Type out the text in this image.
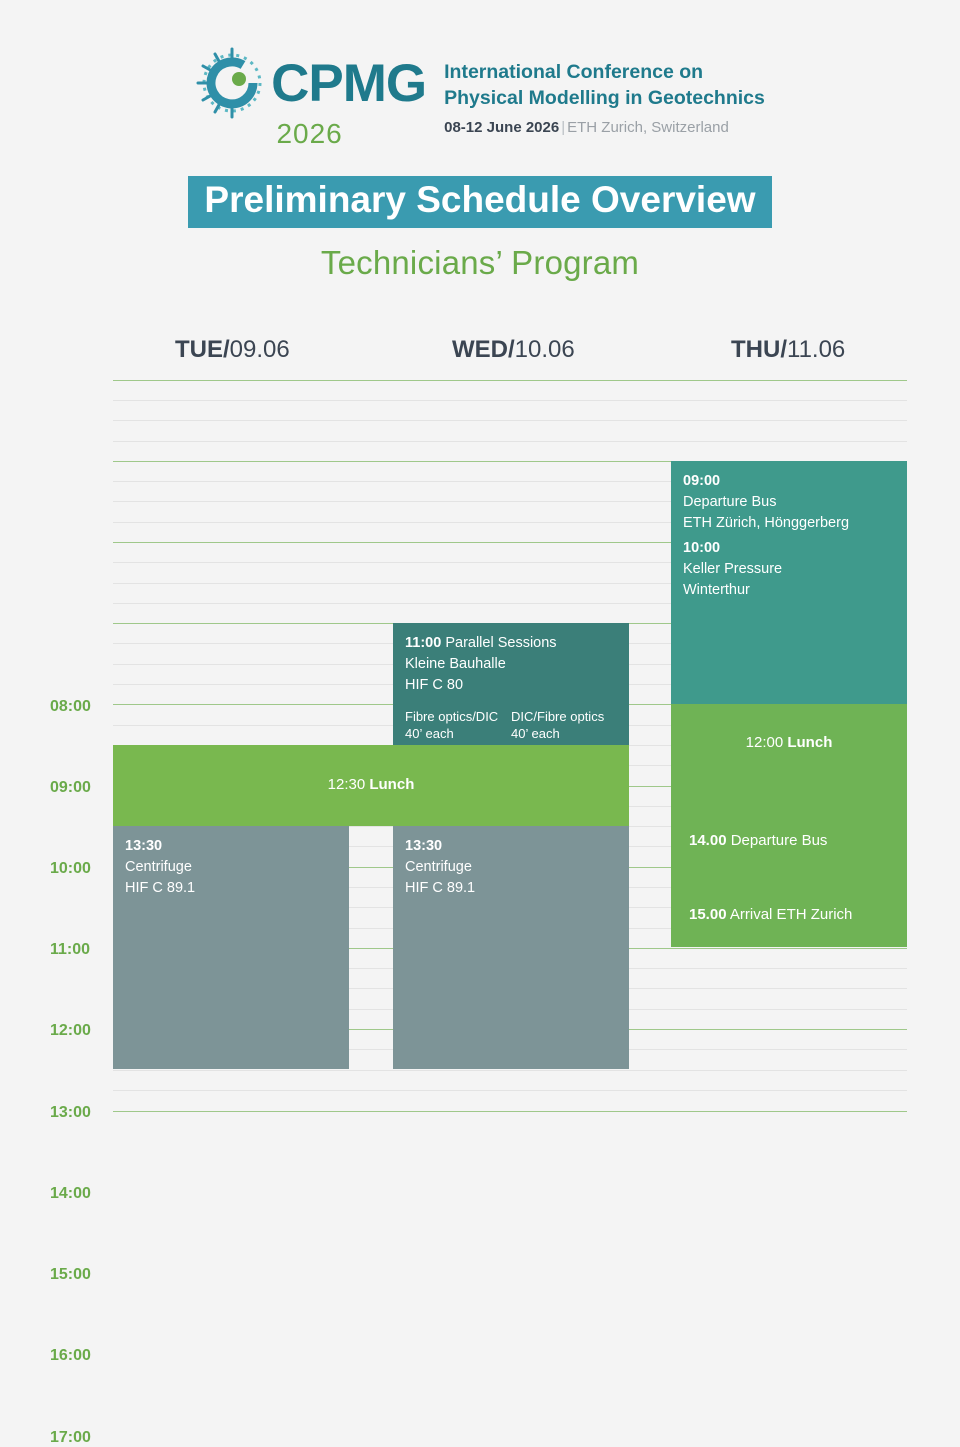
CPMG
2026
International Conference on
Physical Modelling in Geotechnics
08-12 June 2026 | ETH Zurich, Switzerland
Preliminary Schedule Overview
Technicians’ Program
TUE/09.06	WED/10.06	THU/11.06
08:00
09:00
10:00
11:00
12:00
13:00
14:00
15:00
16:00
17:00
09:00
Departure Bus
ETH Zürich, Hönggerberg
10:00
Keller Pressure
Winterthur
11:00 Parallel Sessions
Kleine Bauhalle
HIF C 80
Fibre optics/DIC
40’ each
DIC/Fibre optics
40’ each
12:30 Lunch
12:00 Lunch
14.00 Departure Bus
15.00 Arrival ETH Zurich
13:30
Centrifuge
HIF C 89.1
13:30
Centrifuge
HIF C 89.1
